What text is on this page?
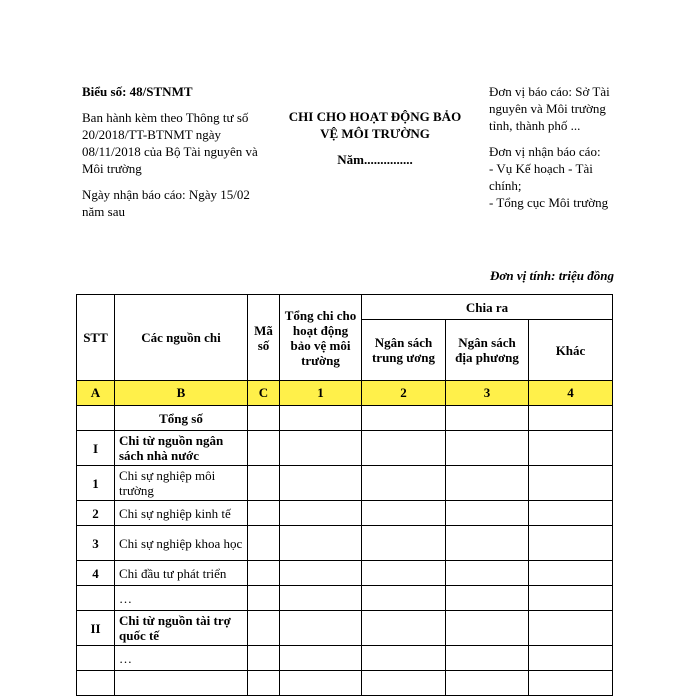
Biểu số: 48/STNMT

Ban hành kèm theo Thông tư số 20/2018/TT-BTNMT ngày 08/11/2018 của Bộ Tài nguyên và Môi trường

Ngày nhận báo cáo: Ngày 15/02 năm sau

CHI CHO HOẠT ĐỘNG BẢO VỆ MÔI TRƯỜNG

Năm...............

Đơn vị báo cáo: Sở Tài nguyên và Môi trường tỉnh, thành phố ...

Đơn vị nhận báo cáo:

- Vụ Kế hoạch - Tài chính;

- Tổng cục Môi trường

Đơn vị tính: triệu đồng
STT	Các nguồn chi	Mã số	Tổng chi cho hoạt động bảo vệ môi trường	Chia ra		
				Ngân sách trung ương	Ngân sách địa phương	Khác
A	B	C	1	2	3	4
	Tổng số					
I	Chi từ nguồn ngân sách nhà nước					
1	Chi sự nghiệp môi trường					
2	Chi sự nghiệp kinh tế					
3	Chi sự nghiệp khoa học					
4	Chi đầu tư phát triển					
	…					
II	Chi từ nguồn tài trợ quốc tế					
	…					
